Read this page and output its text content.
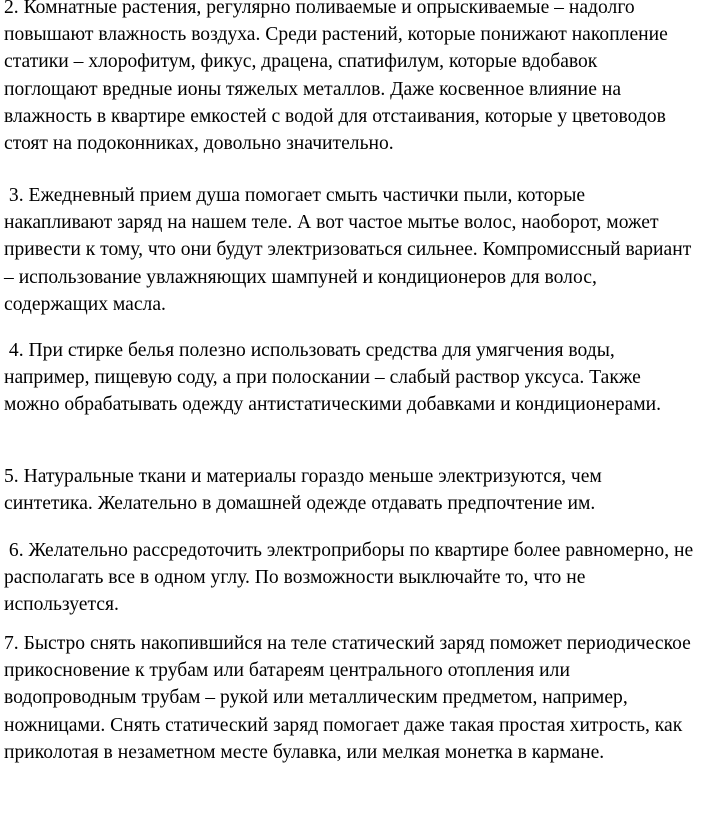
2. Комнатные растения, регулярно поливаемые и опрыскиваемые – надолго повышают влажность воздуха. Среди растений, которые понижают накопление статики – хлорофитум, фикус, драцена, спатифилум, которые вдобавок поглощают вредные ионы тяжелых металлов. Даже косвенное влияние на влажность в квартире емкостей с водой для отстаивания, которые у цветоводов стоят на подоконниках, довольно значительно.

3. Ежедневный прием душа помогает смыть частички пыли, которые накапливают заряд на нашем теле. А вот частое мытье волос, наоборот, может привести к тому, что они будут электризоваться сильнее. Компромиссный вариант – использование увлажняющих шампуней и кондиционеров для волос, содержащих масла.

4. При стирке белья полезно использовать средства для умягчения воды, например, пищевую соду, а при полоскании – слабый раствор уксуса. Также можно обрабатывать одежду антистатическими добавками и кондиционерами.

5. Натуральные ткани и материалы гораздо меньше электризуются, чем синтетика. Желательно в домашней одежде отдавать предпочтение им.

6. Желательно рассредоточить электроприборы по квартире более равномерно, не располагать все в одном углу. По возможности выключайте то, что не используется.

7. Быстро снять накопившийся на теле статический заряд поможет периодическое прикосновение к трубам или батареям центрального отопления или водопроводным трубам – рукой или металлическим предметом, например, ножницами. Снять статический заряд помогает даже такая простая хитрость, как приколотая в незаметном месте булавка, или мелкая монетка в кармане.
